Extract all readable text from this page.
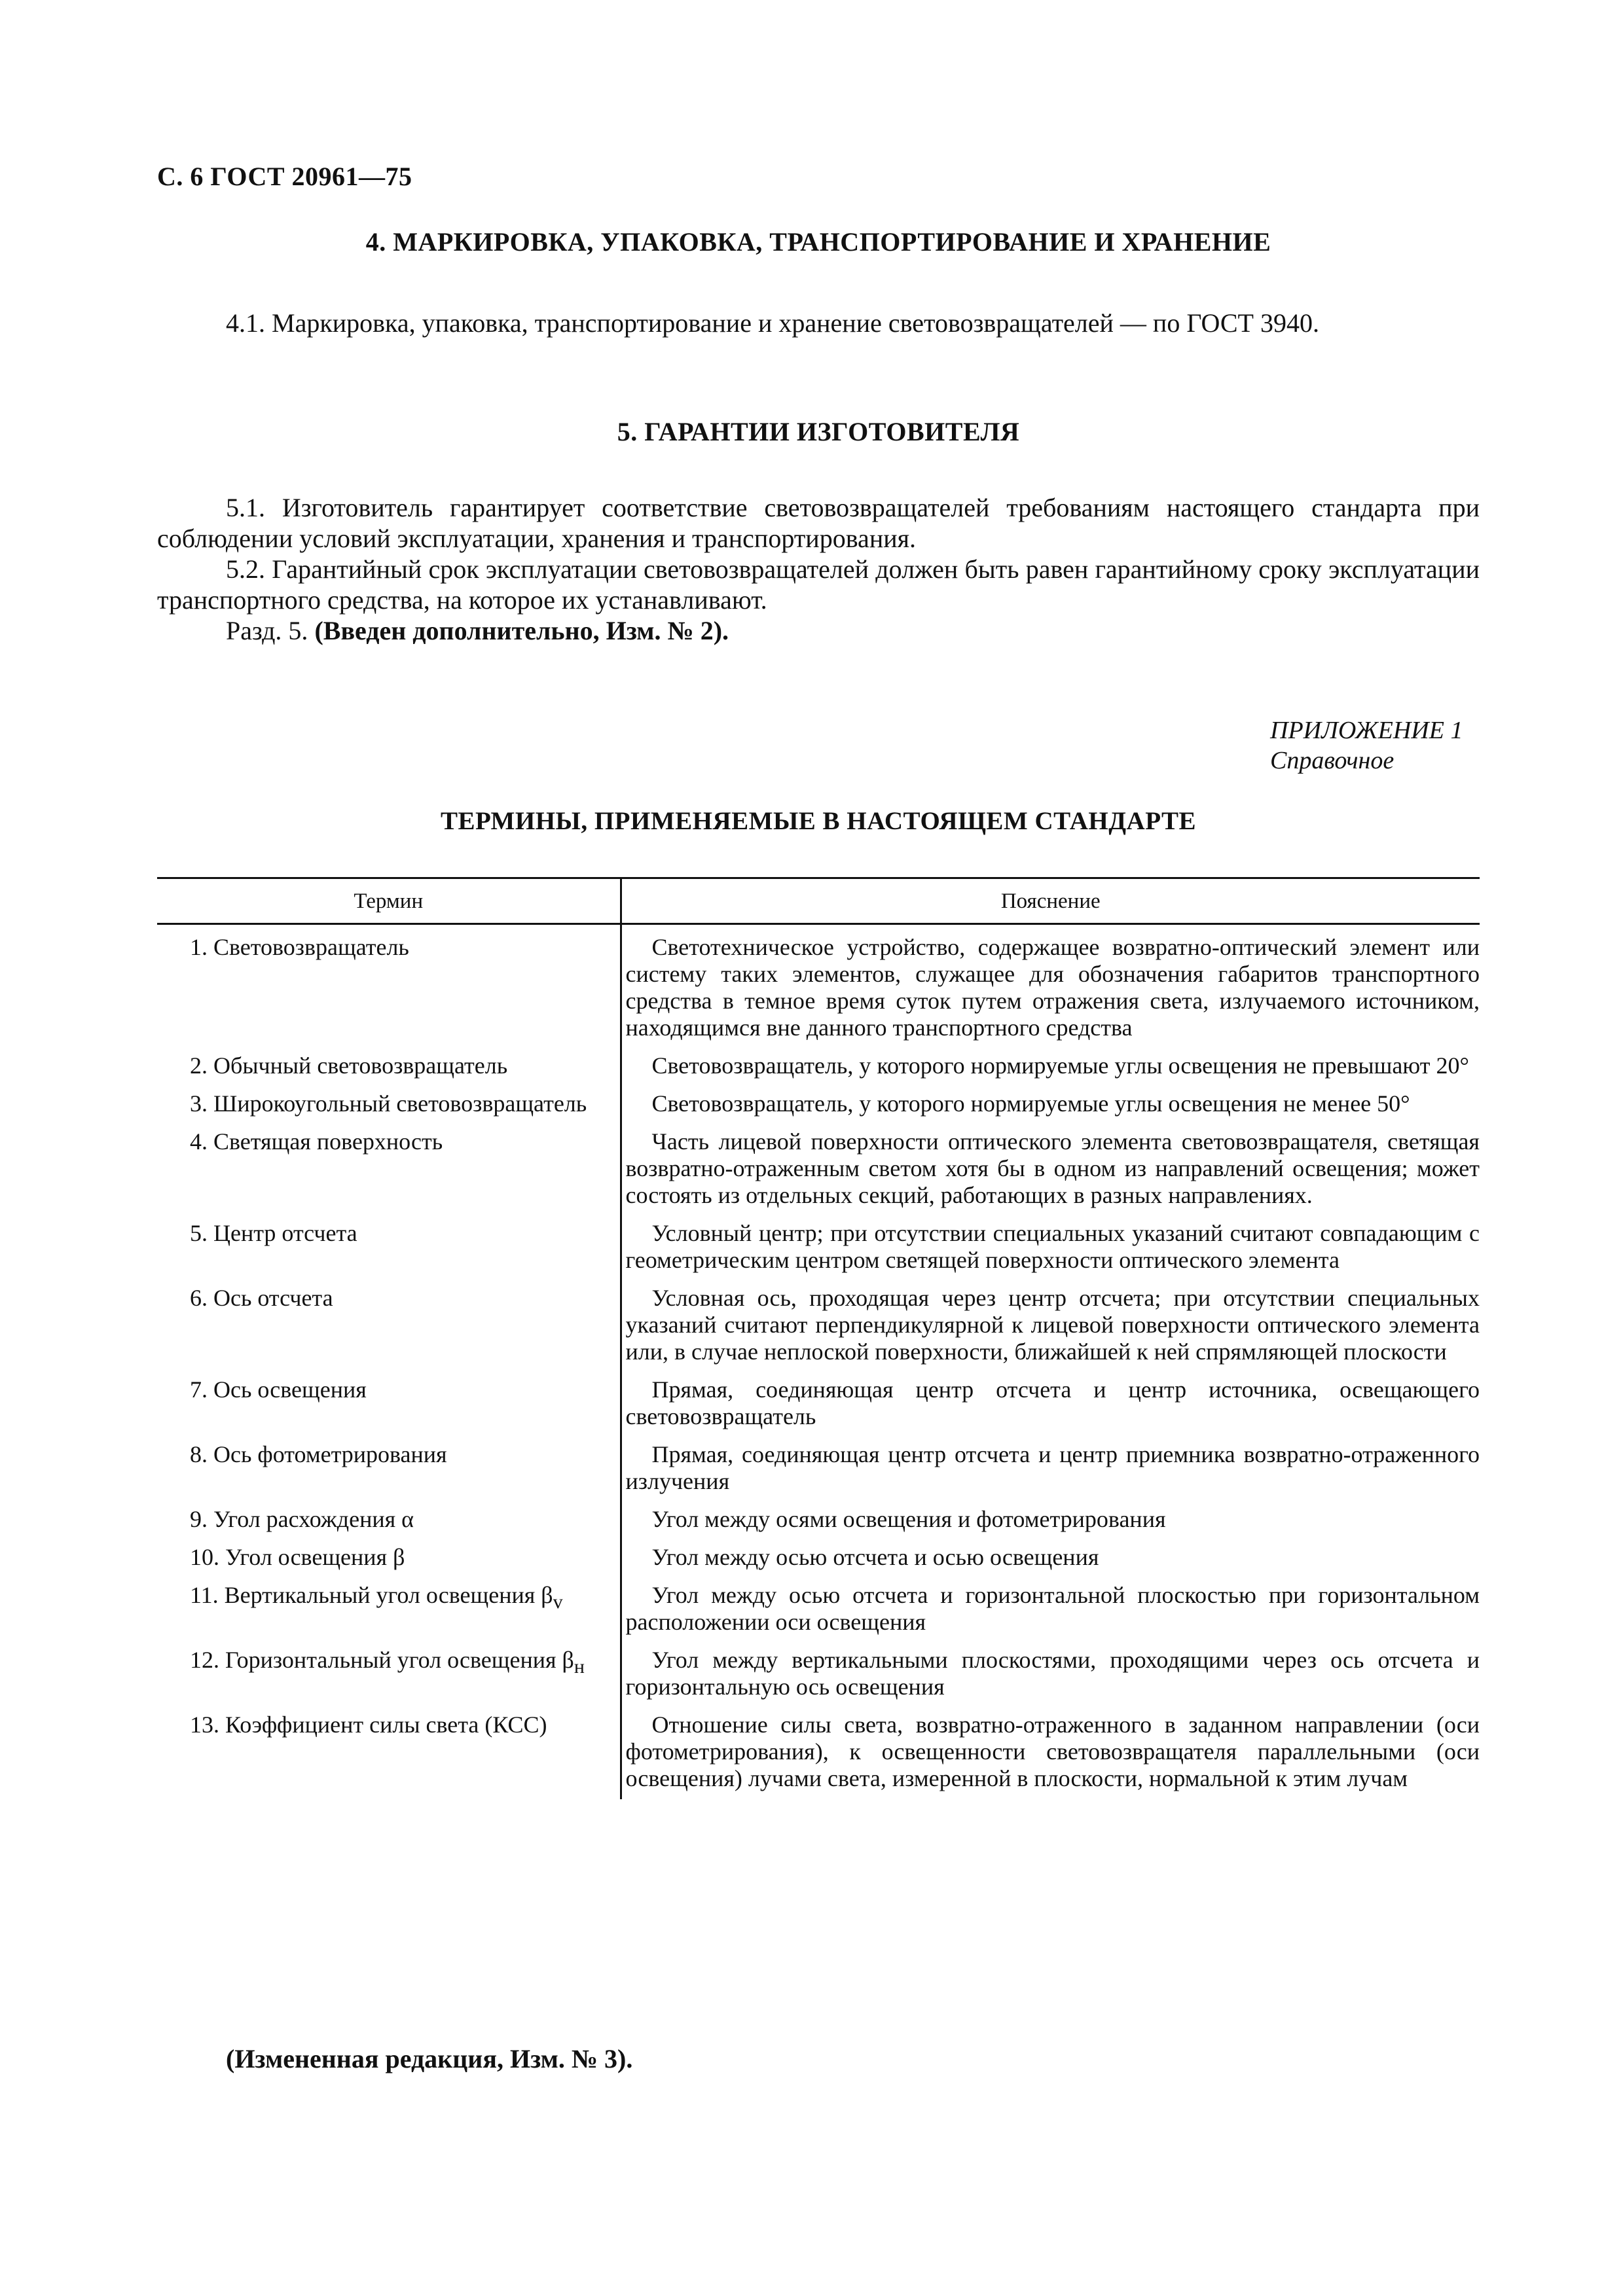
С. 6 ГОСТ 20961—75
4. МАРКИРОВКА, УПАКОВКА, ТРАНСПОРТИРОВАНИЕ И ХРАНЕНИЕ
4.1. Маркировка, упаковка, транспортирование и хранение световозвращателей — по ГОСТ 3940.
5. ГАРАНТИИ ИЗГОТОВИТЕЛЯ
5.1. Изготовитель гарантирует соответствие световозвращателей требованиям настоящего стандарта при соблюдении условий эксплуатации, хранения и транспортирования.
5.2. Гарантийный срок эксплуатации световозвращателей должен быть равен гарантийному сроку эксплуатации транспортного средства, на которое их устанавливают.
Разд. 5. (Введен дополнительно, Изм. № 2).
ПРИЛОЖЕНИЕ 1
Справочное
ТЕРМИНЫ, ПРИМЕНЯЕМЫЕ В НАСТОЯЩЕМ СТАНДАРТЕ
Термин	Пояснение
1. Световозвращатель	Светотехническое устройство, содержащее возвратно-оптический элемент или систему таких элементов, служащее для обозначения габаритов транспортного средства в темное время суток путем отражения света, излучаемого источником, находящимся вне данного транспортного средства
2. Обычный световозвращатель	Световозвращатель, у которого нормируемые углы освещения не превышают 20°
3. Широкоугольный световозвращатель	Световозвращатель, у которого нормируемые углы освещения не менее 50°
4. Светящая поверхность	Часть лицевой поверхности оптического элемента световозвращателя, светящая возвратно-отраженным светом хотя бы в одном из направлений освещения; может состоять из отдельных секций, работающих в разных направлениях.
5. Центр отсчета	Условный центр; при отсутствии специальных указаний считают совпадающим с геометрическим центром светящей поверхности оптического элемента
6. Ось отсчета	Условная ось, проходящая через центр отсчета; при отсутствии специальных указаний считают перпендикулярной к лицевой поверхности оптического элемента или, в случае неплоской поверхности, ближайшей к ней спрямляющей плоскости
7. Ось освещения	Прямая, соединяющая центр отсчета и центр источника, освещающего световозвращатель
8. Ось фотометрирования	Прямая, соединяющая центр отсчета и центр приемника возвратно-отраженного излучения
9. Угол расхождения α	Угол между осями освещения и фотометрирования
10. Угол освещения β	Угол между осью отсчета и осью освещения
11. Вертикальный угол освещения $\beta_v$	Угол между осью отсчета и горизонтальной плоскостью при горизонтальном расположении оси освещения
12. Горизонтальный угол освещения $\beta_н$	Угол между вертикальными плоскостями, проходящими через ось отсчета и горизонтальную ось освещения
13. Коэффициент силы света (КСС)	Отношение силы света, возвратно-отраженного в заданном направлении (оси фотометрирования), к освещенности световозвращателя параллельными (оси освещения) лучами света, измеренной в плоскости, нормальной к этим лучам
(Измененная редакция, Изм. № 3).
